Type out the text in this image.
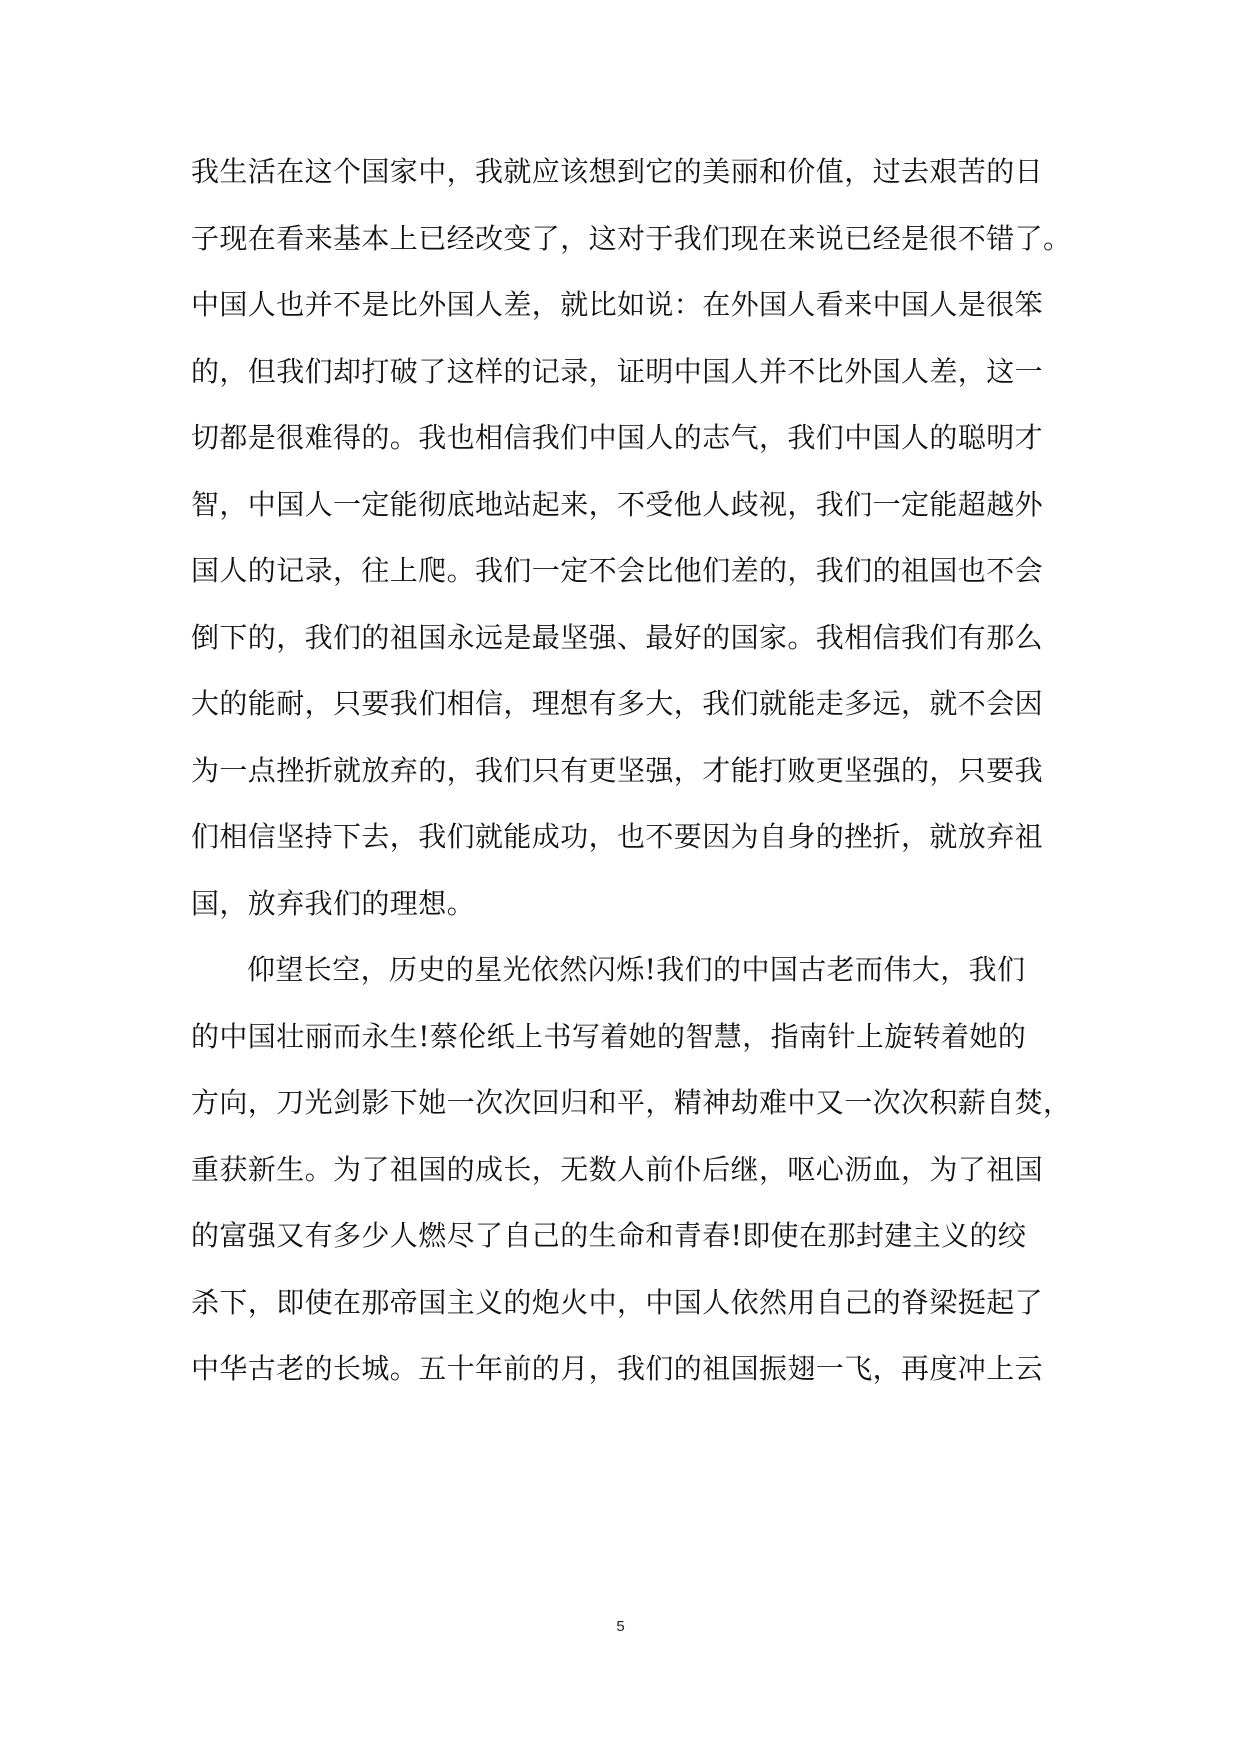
我生活在这个国家中，我就应该想到它的美丽和价值，过去艰苦的日
子现在看来基本上已经改变了，这对于我们现在来说已经是很不错了。
中国人也并不是比外国人差，就比如说：在外国人看来中国人是很笨
的，但我们却打破了这样的记录，证明中国人并不比外国人差，这一
切都是很难得的。我也相信我们中国人的志气，我们中国人的聪明才
智，中国人一定能彻底地站起来，不受他人歧视，我们一定能超越外
国人的记录，往上爬。我们一定不会比他们差的，我们的祖国也不会
倒下的，我们的祖国永远是最坚强、最好的国家。我相信我们有那么
大的能耐，只要我们相信，理想有多大，我们就能走多远，就不会因
为一点挫折就放弃的，我们只有更坚强，才能打败更坚强的，只要我
们相信坚持下去，我们就能成功，也不要因为自身的挫折，就放弃祖
国，放弃我们的理想。
仰望长空，历史的星光依然闪烁!我们的中国古老而伟大，我们
的中国壮丽而永生!蔡伦纸上书写着她的智慧，指南针上旋转着她的
方向，刀光剑影下她一次次回归和平，精神劫难中又一次次积薪自焚，
重获新生。为了祖国的成长，无数人前仆后继，呕心沥血，为了祖国
的富强又有多少人燃尽了自己的生命和青春!即使在那封建主义的绞
杀下，即使在那帝国主义的炮火中，中国人依然用自己的脊梁挺起了
中华古老的长城。五十年前的月，我们的祖国振翅一飞，再度冲上云
5
